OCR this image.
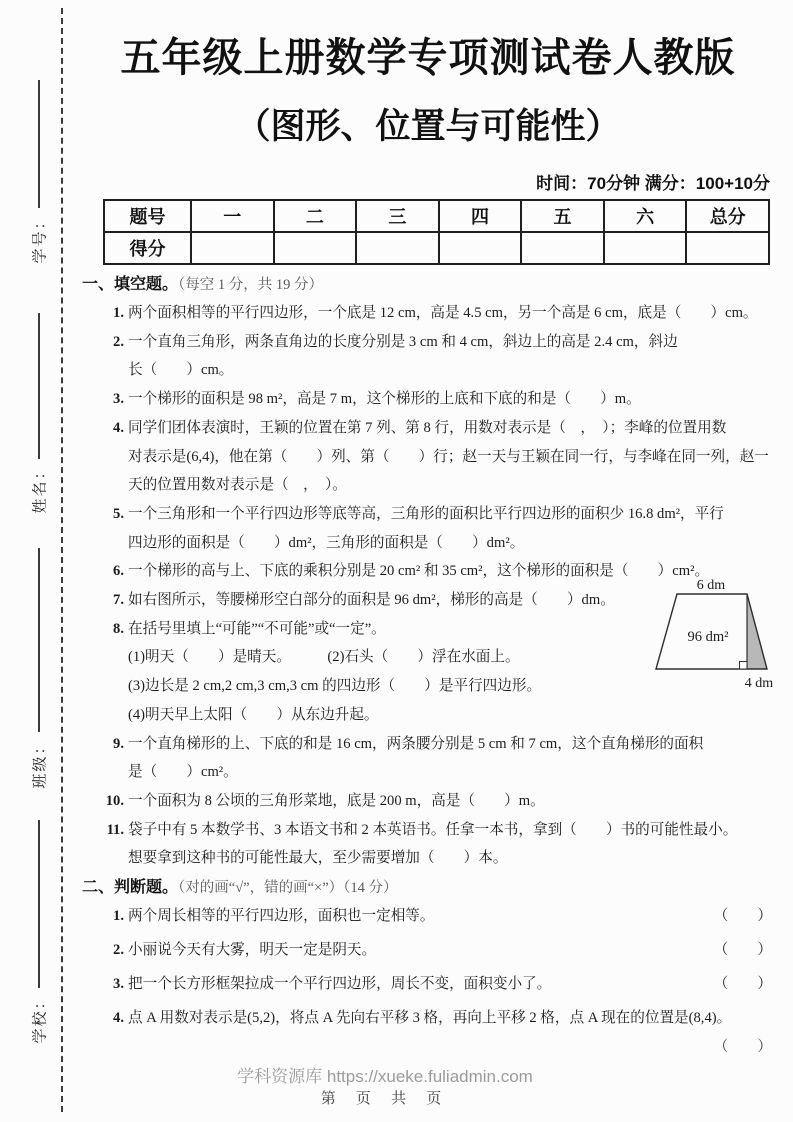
学号：
姓名：
班级：
学校：
五年级上册数学专项测试卷人教版
（图形、位置与可能性）
时间：70分钟 满分：100+10分
题号	一	二	三	四	五	六	总分
得分							
一、填空题。（每空 1 分，共 19 分）
1. 两个面积相等的平行四边形，一个底是 12 cm，高是 4.5 cm，另一个高是 6 cm，底是（　　）cm。
2. 一个直角三角形，两条直角边的长度分别是 3 cm 和 4 cm，斜边上的高是 2.4 cm，斜边
长（　　）cm。
3. 一个梯形的面积是 98 m²，高是 7 m，这个梯形的上底和下底的和是（　　）m。
4. 同学们团体表演时，王颖的位置在第 7 列、第 8 行，用数对表示是（　，　）；李峰的位置用数
对表示是(6,4)，他在第（　　）列、第（　　）行；赵一天与王颖在同一行，与李峰在同一列，赵一
天的位置用数对表示是（　，　）。
5. 一个三角形和一个平行四边形等底等高，三角形的面积比平行四边形的面积少 16.8 dm²，平行
四边形的面积是（　　）dm²，三角形的面积是（　　）dm²。
6. 一个梯形的高与上、下底的乘积分别是 20 cm² 和 35 cm²，这个梯形的面积是（　　）cm²。
7. 如右图所示，等腰梯形空白部分的面积是 96 dm²，梯形的高是（　　）dm。
8. 在括号里填上“可能”“不可能”或“一定”。
(1)明天（　　）是晴天。　　　(2)石头（　　）浮在水面上。
(3)边长是 2 cm,2 cm,3 cm,3 cm 的四边形（　　）是平行四边形。
(4)明天早上太阳（　　）从东边升起。
9. 一个直角梯形的上、下底的和是 16 cm，两条腰分别是 5 cm 和 7 cm，这个直角梯形的面积
是（　　）cm²。
10. 一个面积为 8 公顷的三角形菜地，底是 200 m，高是（　　）m。
11. 袋子中有 5 本数学书、3 本语文书和 2 本英语书。任拿一本书，拿到（　　）书的可能性最小。
想要拿到这种书的可能性最大，至少需要增加（　　）本。
二、判断题。（对的画“√”，错的画“×”）（14 分）
1. 两个周长相等的平行四边形，面积也一定相等。	（　　）
2. 小丽说今天有大雾，明天一定是阴天。	（　　）
3. 把一个长方形框架拉成一个平行四边形，周长不变，面积变小了。	（　　）
4. 点 A 用数对表示是(5,2)，将点 A 先向右平移 3 格，再向上平移 2 格，点 A 现在的位置是(8,4)。
（　　）
6 dm
96 dm²
4 dm
学科资源库 https://xueke.fuliadmin.com
第 页 共 页
